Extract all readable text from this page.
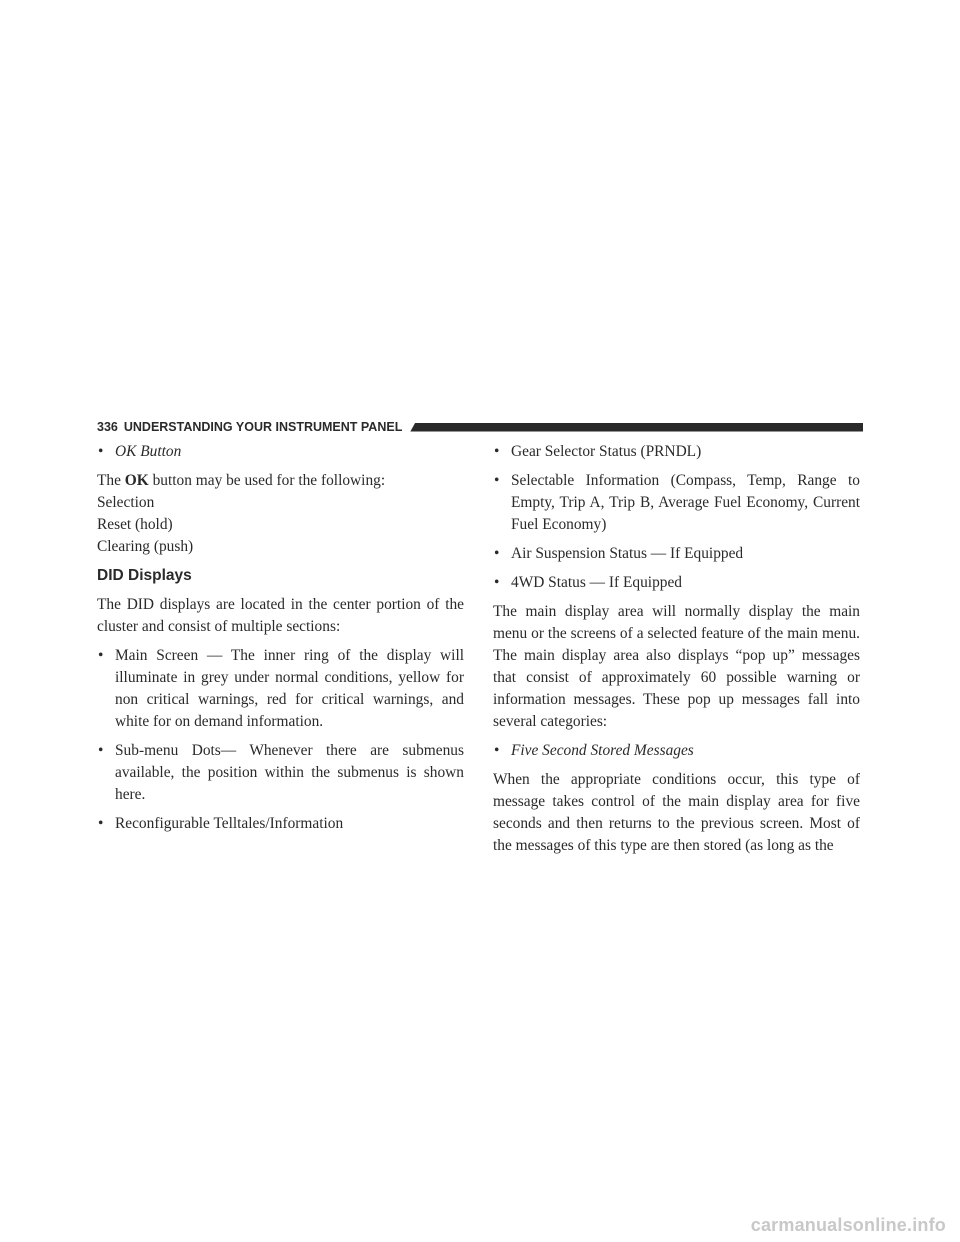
336 UNDERSTANDING YOUR INSTRUMENT PANEL
• OK Button

The OK button may be used for the following:

Selection

Reset (hold)

Clearing (push)

DID Displays

The DID displays are located in the center portion of the cluster and consist of multiple sections:

• Main Screen — The inner ring of the display will illuminate in grey under normal conditions, yellow for non critical warnings, red for critical warnings, and white for on demand information.
• Sub-menu Dots— Whenever there are submenus available, the position within the submenus is shown here.
• Reconfigurable Telltales/Information
• Gear Selector Status (PRNDL)
• Selectable Information (Compass, Temp, Range to Empty, Trip A, Trip B, Average Fuel Economy, Current Fuel Economy)
• Air Suspension Status — If Equipped
• 4WD Status — If Equipped

The main display area will normally display the main menu or the screens of a selected feature of the main menu. The main display area also displays “pop up” messages that consist of approximately 60 possible warning or information messages. These pop up messages fall into several categories:

• Five Second Stored Messages

When the appropriate conditions occur, this type of message takes control of the main display area for five seconds and then returns to the previous screen. Most of the messages of this type are then stored (as long as the

carmanualsonline.info
